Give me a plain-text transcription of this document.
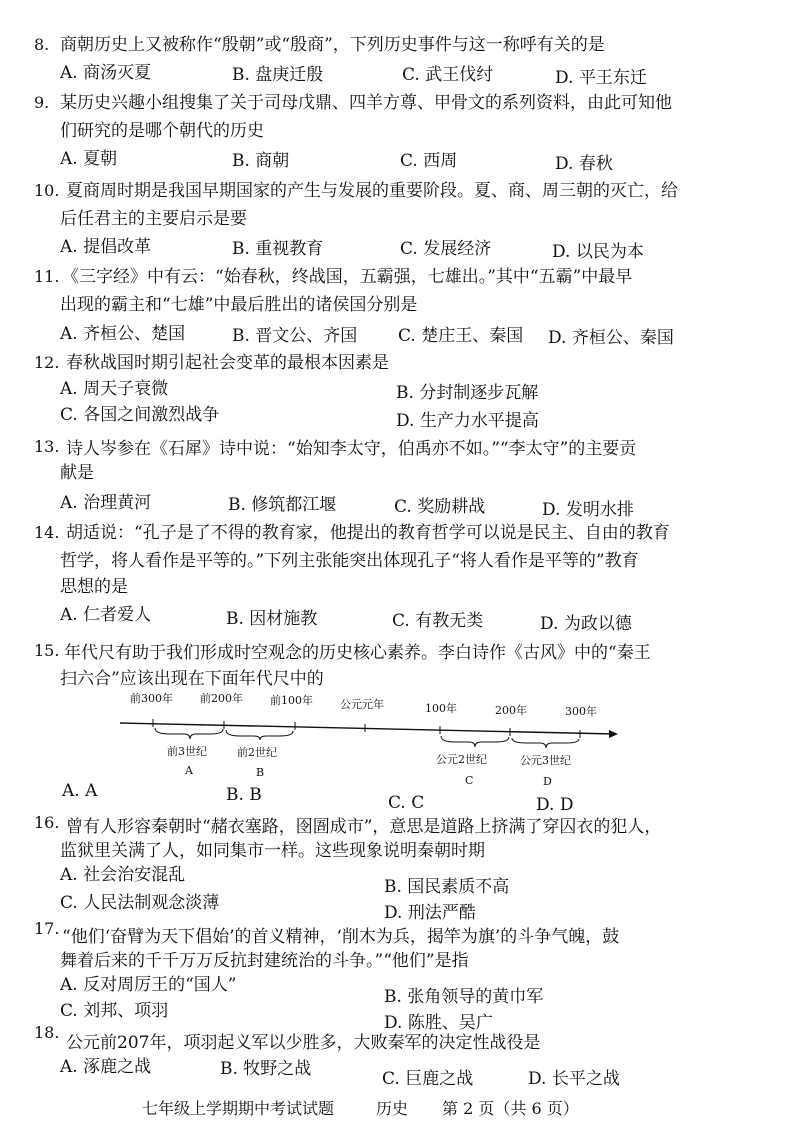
8. 商朝历史上又被称作“殷朝”或“殷商”，下列历史事件与这一称呼有关的是
A. 商汤灭夏	B. 盘庚迁殷	C. 武王伐纣	D. 平王东迁
9. 某历史兴趣小组搜集了关于司母戊鼎、四羊方尊、甲骨文的系列资料，由此可知他
们研究的是哪个朝代的历史
A. 夏朝	B. 商朝	C. 西周	D. 春秋
10. 夏商周时期是我国早期国家的产生与发展的重要阶段。夏、商、周三朝的灭亡，给
后任君主的主要启示是要
A. 提倡改革	B. 重视教育	C. 发展经济	D. 以民为本
11. 《三字经》中有云：“始春秋，终战国，五霸强，七雄出。”其中“五霸”中最早
出现的霸主和“七雄”中最后胜出的诸侯国分别是
A. 齐桓公、楚国	B. 晋文公、齐国 C. 楚庄王、秦国 D. 齐桓公、秦国
12. 春秋战国时期引起社会变革的最根本因素是
A. 周天子衰微	B. 分封制逐步瓦解
C. 各国之间激烈战争	D. 生产力水平提高
13. 诗人岑参在《石犀》诗中说：“始知李太守，伯禹亦不如。”“李太守”的主要贡
献是
A. 治理黄河	B. 修筑都江堰	C. 奖励耕战	D. 发明水排
14. 胡适说：“孔子是了不得的教育家，他提出的教育哲学可以说是民主、自由的教育
哲学，将人看作是平等的。”下列主张能突出体现孔子“将人看作是平等的”教育
思想的是
A. 仁者爱人	B. 因材施教	C. 有教无类	D. 为政以德
15. 年代尺有助于我们形成时空观念的历史核心素养。李白诗作《古风》中的“秦王
扫六合”应该出现在下面年代尺中的
前300年 前200年 前100年 公元元年	100年	200年	300年
前3世纪
A
前2世纪
B
公元2世纪
C
公元3世纪
D
A. A	B. B	C. C	D. D
16. 曾有人形容秦朝时“赭衣塞路，囹圄成市”，意思是道路上挤满了穿囚衣的犯人，
监狱里关满了人，如同集市一样。这些现象说明秦朝时期
A. 社会治安混乱
B. 国民素质不高
C. 人民法制观念淡薄	D. 刑法严酷
17. “他们‘奋臂为天下倡始’的首义精神，‘削木为兵，揭竿为旗’的斗争气魄，鼓
舞着后来的千千万万反抗封建统治的斗争。”“他们”是指
A. 反对周厉王的“国人”
B. 张角领导的黄巾军
C. 刘邦、项羽
D. 陈胜、吴广
18.
公元前207年，项羽起义军以少胜多，大败秦军的决定性战役是
A. 涿鹿之战	B. 牧野之战	C. 巨鹿之战	D. 长平之战
七年级上学期期中考试试题	历史 第 2 页（共 6 页）
